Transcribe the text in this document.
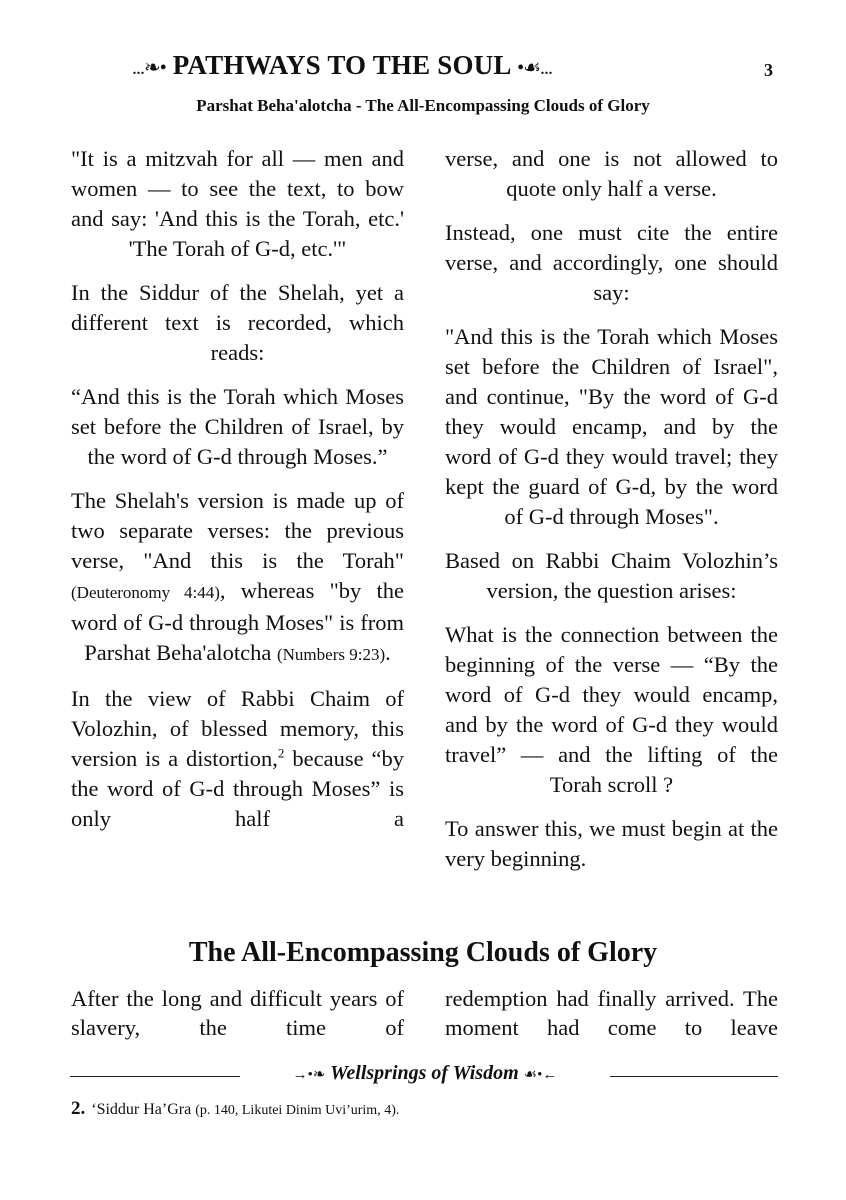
...❧• PATHWAYS TO THE SOUL •☙...	3
Parshat Beha'alotcha - The All-Encompassing Clouds of Glory

"It is a mitzvah for all — men and women — to see the text, to bow and say: 'And this is the Torah, etc.' 'The Torah of G-d, etc.'"

In the Siddur of the Shelah, yet a different text is recorded, which reads:

“And this is the Torah which Moses set before the Children of Israel, by the word of G-d through Moses.”

The Shelah's version is made up of two separate verses: the previous verse, "And this is the Torah" (Deuteronomy 4:44), whereas "by the word of G-d through Moses" is from Parshat Beha'alotcha (Numbers 9:23).

In the view of Rabbi Chaim of Volozhin, of blessed memory, this version is a distortion,$^2$ because “by the word of G-d through Moses” is only half a

verse, and one is not allowed to quote only half a verse.

Instead, one must cite the entire verse, and accordingly, one should say:

"And this is the Torah which Moses set before the Children of Israel", and continue, "By the word of G-d they would encamp, and by the word of G-d they would travel; they kept the guard of G-d, by the word of G-d through Moses".

Based on Rabbi Chaim Volozhin’s version, the question arises:

What is the connection between the beginning of the verse — “By the word of G-d they would encamp, and by the word of G-d they would travel” — and the lifting of the Torah scroll ?

To answer this, we must begin at the very beginning.

The All-Encompassing Clouds of Glory

After the long and difficult years of slavery, the time of

redemption had finally arrived. The moment had come to leave

→•❧ Wellsprings of Wisdom ☙•←
2. ‘Siddur Ha’Gra (p. 140, Likutei Dinim Uvi’urim, 4).
